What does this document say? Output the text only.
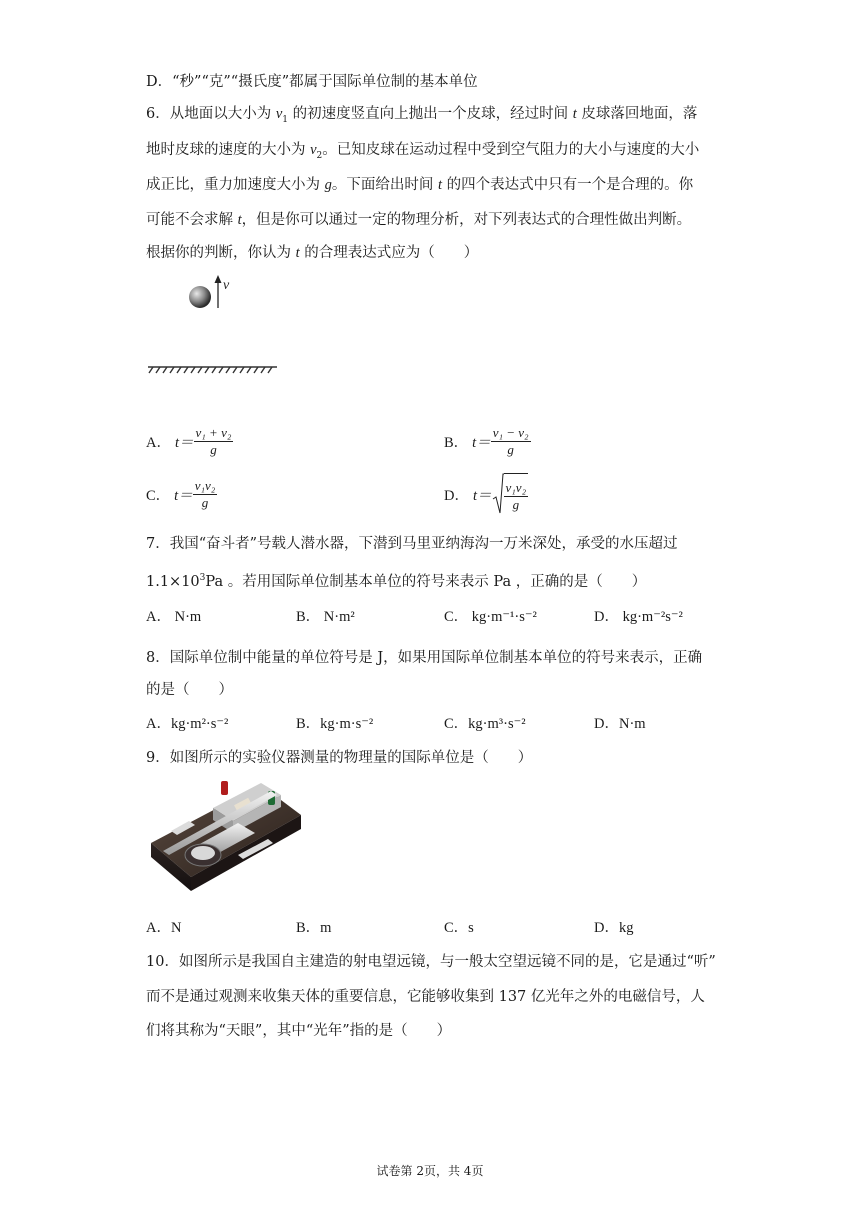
D．“秒”“克”“摄氏度”都属于国际单位制的基本单位
6．从地面以大小为 $v_1$ 的初速度竖直向上抛出一个皮球，经过时间 t 皮球落回地面，落
地时皮球的速度的大小为 $v_2$。已知皮球在运动过程中受到空气阻力的大小与速度的大小
成正比，重力加速度大小为 g。下面给出时间 t 的四个表达式中只有一个是合理的。你
可能不会求解 t，但是你可以通过一定的物理分析，对下列表达式的合理性做出判断。
根据你的判断，你认为 t 的合理表达式应为（　　）
v
A． $t= \frac{\text{v₁ + v₂}}{g}$	B． $t= \frac{\text{v₁ − v₂}}{g}$
C． $t= \frac{\text{v₁v₂}}{g}$	D． $t= \frac{\text{v₁v₂}}{g}$
7．我国“奋斗者”号载人潜水器，下潜到马里亚纳海沟一万米深处，承受的水压超过
$1.1\times 10^3Pa$ 。若用国际单位制基本单位的符号来表示 Pa ，正确的是（　　）
A． N·m	B． N·m²	C． kg·m⁻¹·s⁻²	D． kg·m⁻²s⁻²
8．国际单位制中能量的单位符号是 J，如果用国际单位制基本单位的符号来表示，正确
的是（　　）
A．kg·m²·s⁻²	B．kg·m·s⁻²	C．kg·m³·s⁻²	D．N·m
9．如图所示的实验仪器测量的物理量的国际单位是（　　）
A．N	B．m	C．s	D．kg
10．如图所示是我国自主建造的射电望远镜，与一般太空望远镜不同的是，它是通过“听”
而不是通过观测来收集天体的重要信息，它能够收集到 137 亿光年之外的电磁信号，人
们将其称为“天眼”，其中“光年”指的是（　　）
试卷第 2页，共 4页
